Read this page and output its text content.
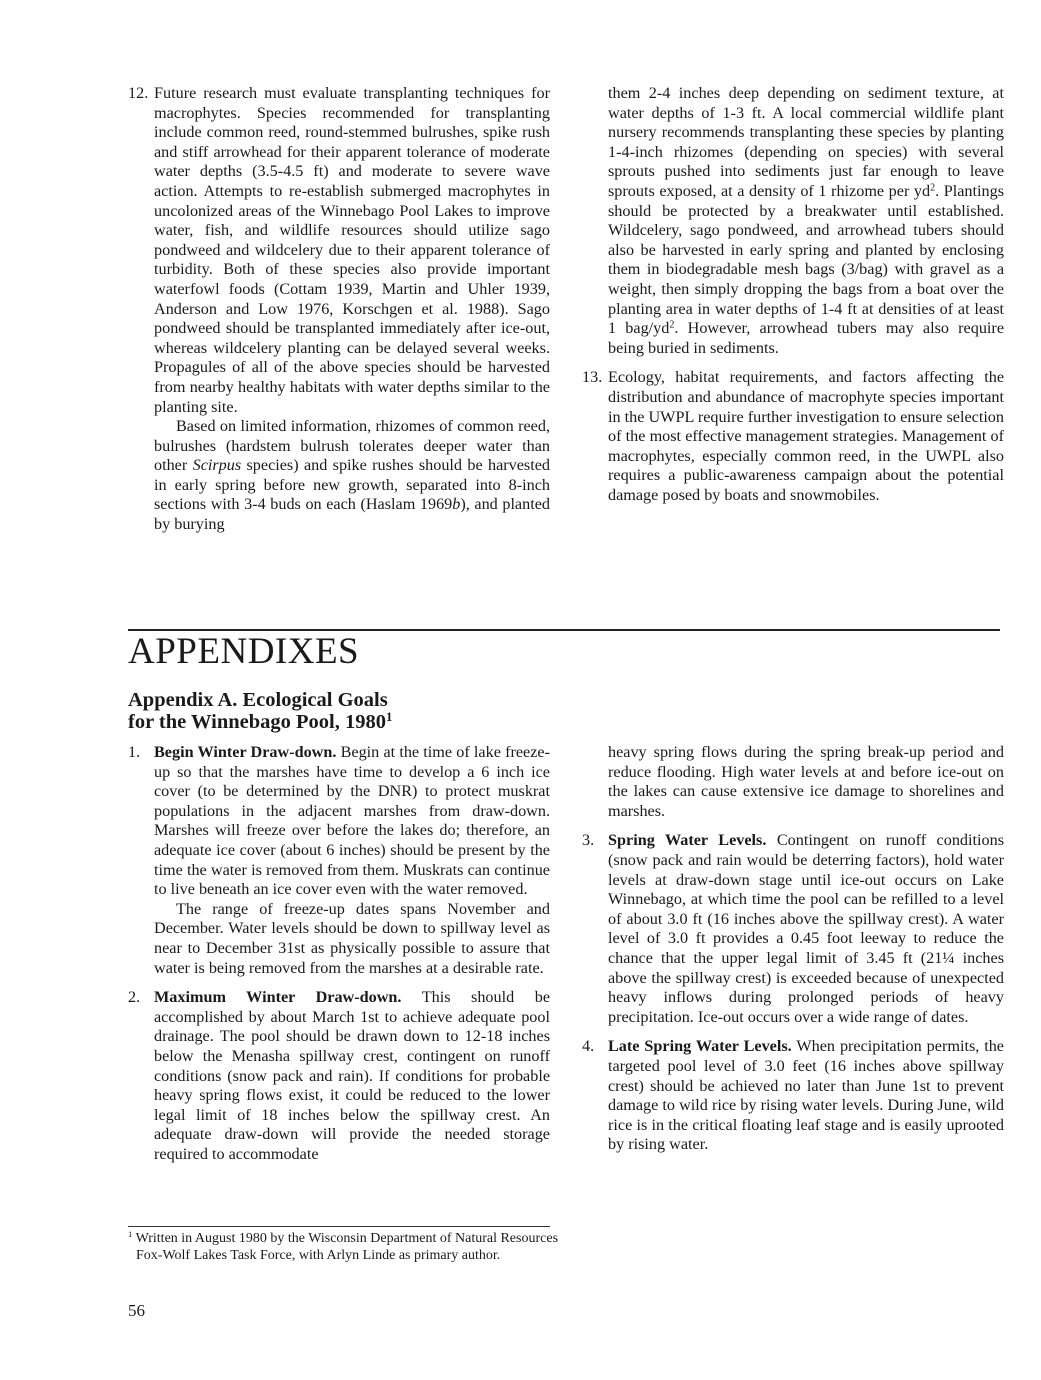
12. Future research must evaluate transplanting techniques for macrophytes. Species recommended for transplanting include common reed, round-stemmed bulrushes, spike rush and stiff arrowhead for their apparent tolerance of moderate water depths (3.5-4.5 ft) and moderate to severe wave action. Attempts to re-establish submerged macrophytes in uncolonized areas of the Winnebago Pool Lakes to improve water, fish, and wildlife resources should utilize sago pondweed and wildcelery due to their apparent tolerance of turbidity. Both of these species also provide important waterfowl foods (Cottam 1939, Martin and Uhler 1939, Anderson and Low 1976, Korschgen et al. 1988). Sago pondweed should be transplanted immediately after ice-out, whereas wildcelery planting can be delayed several weeks. Propagules of all of the above species should be harvested from nearby healthy habitats with water depths similar to the planting site.

Based on limited information, rhizomes of common reed, bulrushes (hardstem bulrush tolerates deeper water than other Scirpus species) and spike rushes should be harvested in early spring before new growth, separated into 8-inch sections with 3-4 buds on each (Haslam 1969b), and planted by burying

them 2-4 inches deep depending on sediment texture, at water depths of 1-3 ft. A local commercial wildlife plant nursery recommends transplanting these species by planting 1-4-inch rhizomes (depending on species) with several sprouts pushed into sediments just far enough to leave sprouts exposed, at a density of 1 rhizome per $yd^2$. Plantings should be protected by a breakwater until established. Wildcelery, sago pondweed, and arrowhead tubers should also be harvested in early spring and planted by enclosing them in biodegradable mesh bags (3/bag) with gravel as a weight, then simply dropping the bags from a boat over the planting area in water depths of 1-4 ft at densities of at least 1 bag/$yd^2$. However, arrowhead tubers may also require being buried in sediments.

13. Ecology, habitat requirements, and factors affecting the distribution and abundance of macrophyte species important in the UWPL require further investigation to ensure selection of the most effective management strategies. Management of macrophytes, especially common reed, in the UWPL also requires a public-awareness campaign about the potential damage posed by boats and snowmobiles.

APPENDIXES
Appendix A. Ecological Goals
for the Winnebago Pool, 1980$^1$
1. Begin Winter Draw-down. Begin at the time of lake freeze-up so that the marshes have time to develop a 6 inch ice cover (to be determined by the DNR) to protect muskrat populations in the adjacent marshes from draw-down. Marshes will freeze over before the lakes do; therefore, an adequate ice cover (about 6 inches) should be present by the time the water is removed from them. Muskrats can continue to live beneath an ice cover even with the water removed.

The range of freeze-up dates spans November and December. Water levels should be down to spillway level as near to December 31st as physically possible to assure that water is being removed from the marshes at a desirable rate.

2. Maximum Winter Draw-down. This should be accomplished by about March 1st to achieve adequate pool drainage. The pool should be drawn down to 12-18 inches below the Menasha spillway crest, contingent on runoff conditions (snow pack and rain). If conditions for probable heavy spring flows exist, it could be reduced to the lower legal limit of 18 inches below the spillway crest. An adequate draw-down will provide the needed storage required to accommodate

heavy spring flows during the spring break-up period and reduce flooding. High water levels at and before ice-out on the lakes can cause extensive ice damage to shorelines and marshes.

3. Spring Water Levels. Contingent on runoff conditions (snow pack and rain would be deterring factors), hold water levels at draw-down stage until ice-out occurs on Lake Winnebago, at which time the pool can be refilled to a level of about 3.0 ft (16 inches above the spillway crest). A water level of 3.0 ft provides a 0.45 foot leeway to reduce the chance that the upper legal limit of 3.45 ft (21¼ inches above the spillway crest) is exceeded because of unexpected heavy inflows during prolonged periods of heavy precipitation. Ice-out occurs over a wide range of dates.

4. Late Spring Water Levels. When precipitation permits, the targeted pool level of 3.0 feet (16 inches above spillway crest) should be achieved no later than June 1st to prevent damage to wild rice by rising water levels. During June, wild rice is in the critical floating leaf stage and is easily uprooted by rising water.

$^1$ Written in August 1980 by the Wisconsin Department of Natural Resources
Fox-Wolf Lakes Task Force, with Arlyn Linde as primary author.
56
